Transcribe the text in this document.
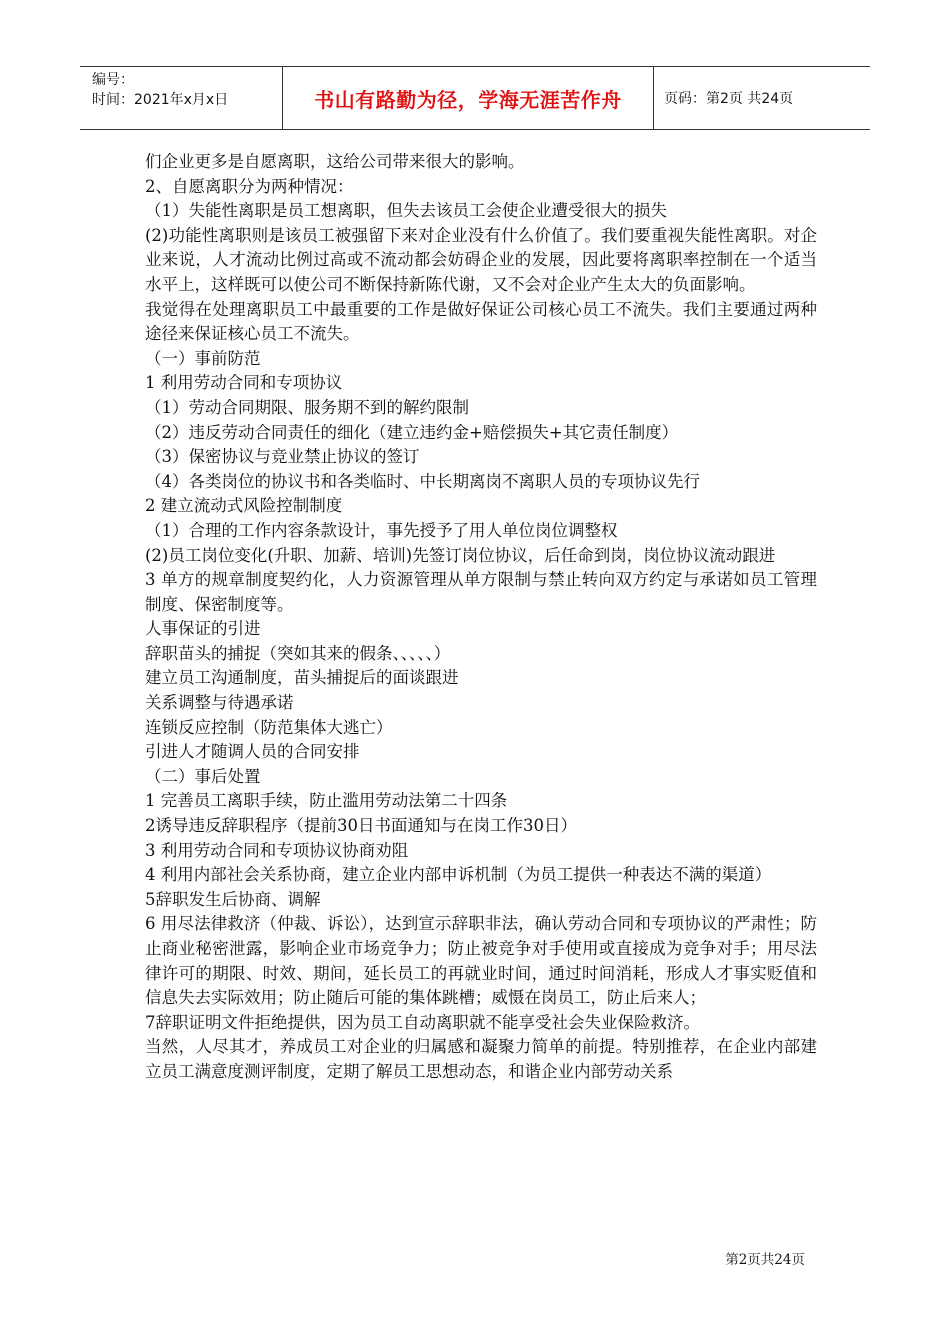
编号：
时间：2021年x月x日	书山有路勤为径，学海无涯苦作舟	页码：第2页 共24页

们企业更多是自愿离职，这给公司带来很大的影响。

2、自愿离职分为两种情况：

（1）失能性离职是员工想离职，但失去该员工会使企业遭受很大的损失

(2)功能性离职则是该员工被强留下来对企业没有什么价值了。我们要重视失能性离职。对企业来说，人才流动比例过高或不流动都会妨碍企业的发展，因此要将离职率控制在一个适当水平上，这样既可以使公司不断保持新陈代谢，又不会对企业产生太大的负面影响。

我觉得在处理离职员工中最重要的工作是做好保证公司核心员工不流失。我们主要通过两种途径来保证核心员工不流失。

（一）事前防范

1 利用劳动合同和专项协议

（1）劳动合同期限、服务期不到的解约限制

（2）违反劳动合同责任的细化（建立违约金+赔偿损失+其它责任制度）

（3）保密协议与竞业禁止协议的签订

（4）各类岗位的协议书和各类临时、中长期离岗不离职人员的专项协议先行

2 建立流动式风险控制制度

（1）合理的工作内容条款设计，事先授予了用人单位岗位调整权

(2)员工岗位变化(升职、加薪、培训)先签订岗位协议，后任命到岗，岗位协议流动跟进

3 单方的规章制度契约化，人力资源管理从单方限制与禁止转向双方约定与承诺如员工管理制度、保密制度等。

人事保证的引进

辞职苗头的捕捉（突如其来的假条、、、、、）

建立员工沟通制度，苗头捕捉后的面谈跟进

关系调整与待遇承诺

连锁反应控制（防范集体大逃亡）

引进人才随调人员的合同安排

（二）事后处置

1 完善员工离职手续，防止滥用劳动法第二十四条

2诱导违反辞职程序（提前30日书面通知与在岗工作30日）

3 利用劳动合同和专项协议协商劝阻

4 利用内部社会关系协商，建立企业内部申诉机制（为员工提供一种表达不满的渠道）

5辞职发生后协商、调解

6 用尽法律救济（仲裁、诉讼），达到宣示辞职非法，确认劳动合同和专项协议的严肃性；防止商业秘密泄露，影响企业市场竞争力；防止被竞争对手使用或直接成为竞争对手；用尽法律许可的期限、时效、期间，延长员工的再就业时间，通过时间消耗，形成人才事实贬值和信息失去实际效用；防止随后可能的集体跳槽；威慑在岗员工，防止后来人；

7辞职证明文件拒绝提供，因为员工自动离职就不能享受社会失业保险救济。

当然，人尽其才，养成员工对企业的归属感和凝聚力简单的前提。特别推荐，在企业内部建立员工满意度测评制度，定期了解员工思想动态，和谐企业内部劳动关系

第2页共24页
